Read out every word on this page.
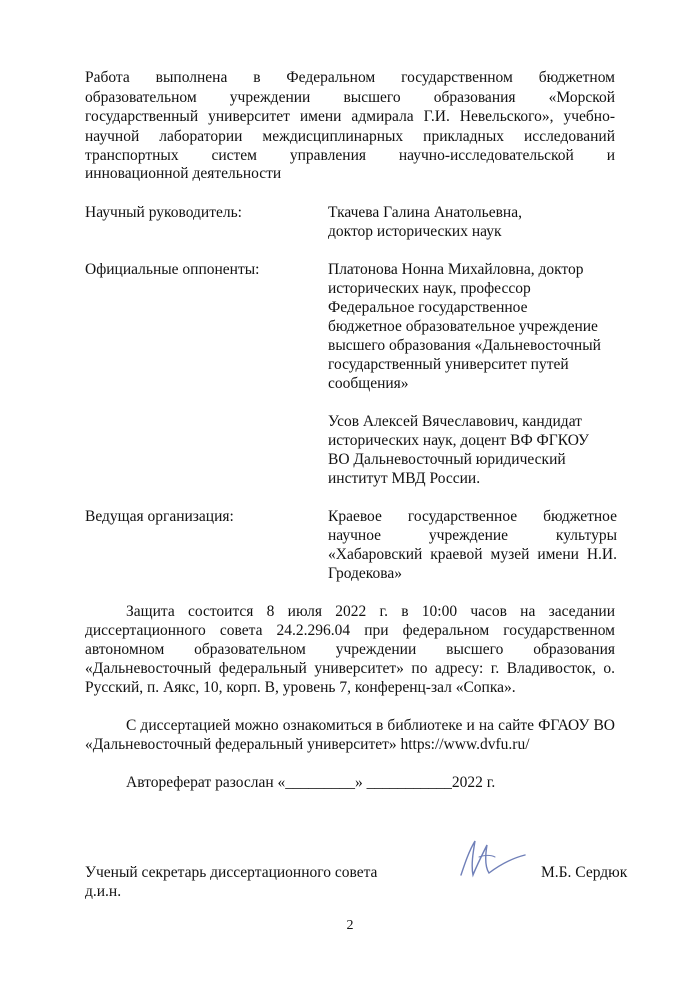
Работа выполнена в Федеральном государственном бюджетном
образовательном учреждении высшего образования «Морской
государственный университет имени адмирала Г.И. Невельского», учебно-
научной лаборатории междисциплинарных прикладных исследований
транспортных систем управления научно-исследовательской и
инновационной деятельности
Научный руководитель:	Ткачева Галина Анатольевна,
доктор исторических наук
Официальные оппоненты:	Платонова Нонна Михайловна, доктор
исторических наук, профессор
Федеральное государственное
бюджетное образовательное учреждение
высшего образования «Дальневосточный
государственный университет путей
сообщения»
Усов Алексей Вячеславович, кандидат
исторических наук, доцент ВФ ФГКОУ
ВО Дальневосточный юридический
институт МВД России.
Ведущая организация:	Краевое государственное бюджетное
научное учреждение культуры
«Хабаровский краевой музей имени Н.И.
Гродекова»
Защита состоится 8 июля 2022 г. в 10:00 часов на заседании
диссертационного совета 24.2.296.04 при федеральном государственном
автономном образовательном учреждении высшего образования
«Дальневосточный федеральный университет» по адресу: г. Владивосток, о.
Русский, п. Аякс, 10, корп. В, уровень 7, конференц-зал «Сопка».
С диссертацией можно ознакомиться в библиотеке и на сайте ФГАОУ ВО
«Дальневосточный федеральный университет» https://www.dvfu.ru/
Автореферат разослан «_________» ___________2022 г.
Ученый секретарь диссертационного совета
д.и.н.
М.Б. Сердюк
2
